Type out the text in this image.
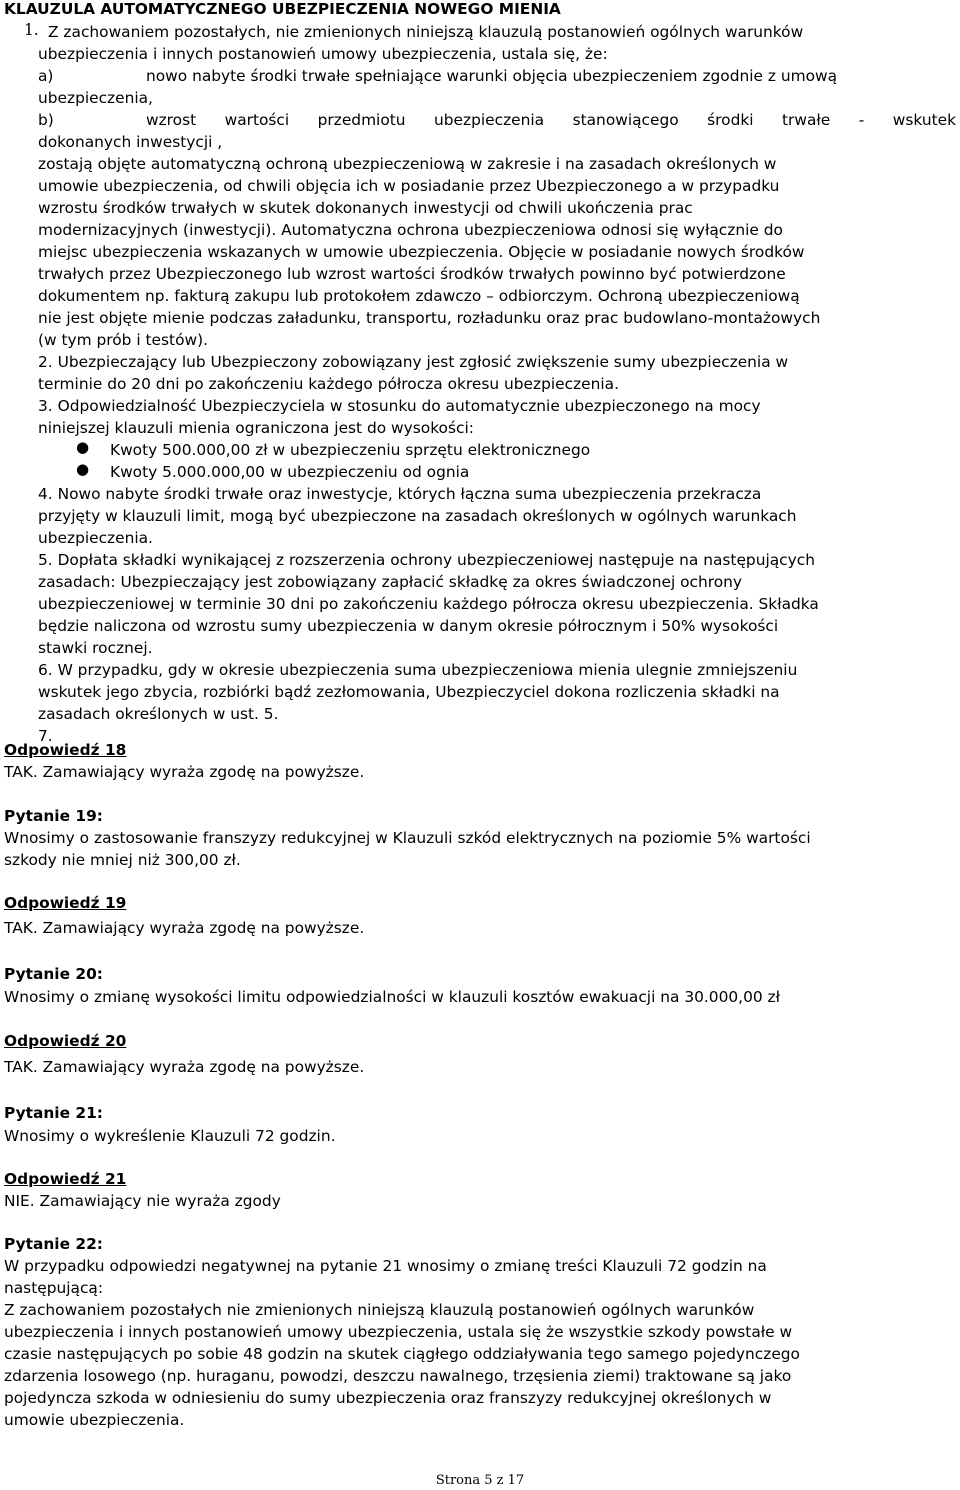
KLAUZULA AUTOMATYCZNEGO UBEZPIECZENIA NOWEGO MIENIA
1. Z zachowaniem pozostałych, nie zmienionych niniejszą klauzulą postanowień ogólnych warunków
ubezpieczenia i innych postanowień umowy ubezpieczenia, ustala się, że:
a)	nowo nabyte środki trwałe spełniające warunki objęcia ubezpieczeniem zgodnie z umową
ubezpieczenia,
b)	wzrost wartości przedmiotu ubezpieczenia stanowiącego środki trwałe - wskutek
dokonanych inwestycji ,
zostają objęte automatyczną ochroną ubezpieczeniową w zakresie i na zasadach określonych w
umowie ubezpieczenia, od chwili objęcia ich w posiadanie przez Ubezpieczonego a w przypadku
wzrostu środków trwałych w skutek dokonanych inwestycji od chwili ukończenia prac
modernizacyjnych (inwestycji). Automatyczna ochrona ubezpieczeniowa odnosi się wyłącznie do
miejsc ubezpieczenia wskazanych w umowie ubezpieczenia. Objęcie w posiadanie nowych środków
trwałych przez Ubezpieczonego lub wzrost wartości środków trwałych powinno być potwierdzone
dokumentem np. fakturą zakupu lub protokołem zdawczo – odbiorczym. Ochroną ubezpieczeniową
nie jest objęte mienie podczas załadunku, transportu, rozładunku oraz prac budowlano-montażowych
(w tym prób i testów).
2. Ubezpieczający lub Ubezpieczony zobowiązany jest zgłosić zwiększenie sumy ubezpieczenia w
terminie do 20 dni po zakończeniu każdego półrocza okresu ubezpieczenia.
3. Odpowiedzialność Ubezpieczyciela w stosunku do automatycznie ubezpieczonego na mocy
niniejszej klauzuli mienia ograniczona jest do wysokości:
● Kwoty 500.000,00 zł w ubezpieczeniu sprzętu elektronicznego
● Kwoty 5.000.000,00 w ubezpieczeniu od ognia
4. Nowo nabyte środki trwałe oraz inwestycje, których łączna suma ubezpieczenia przekracza
przyjęty w klauzuli limit, mogą być ubezpieczone na zasadach określonych w ogólnych warunkach
ubezpieczenia.
5. Dopłata składki wynikającej z rozszerzenia ochrony ubezpieczeniowej następuje na następujących
zasadach: Ubezpieczający jest zobowiązany zapłacić składkę za okres świadczonej ochrony
ubezpieczeniowej w terminie 30 dni po zakończeniu każdego półrocza okresu ubezpieczenia. Składka
będzie naliczona od wzrostu sumy ubezpieczenia w danym okresie półrocznym i 50% wysokości
stawki rocznej.
6. W przypadku, gdy w okresie ubezpieczenia suma ubezpieczeniowa mienia ulegnie zmniejszeniu
wskutek jego zbycia, rozbiórki bądź zezłomowania, Ubezpieczyciel dokona rozliczenia składki na
zasadach określonych w ust. 5.
7.
Odpowiedź 18
TAK. Zamawiający wyraża zgodę na powyższe.
Pytanie 19:
Wnosimy o zastosowanie franszyzy redukcyjnej w Klauzuli szkód elektrycznych na poziomie 5% wartości
szkody nie mniej niż 300,00 zł.
Odpowiedź 19
TAK. Zamawiający wyraża zgodę na powyższe.
Pytanie 20:
Wnosimy o zmianę wysokości limitu odpowiedzialności w klauzuli kosztów ewakuacji na 30.000,00 zł
Odpowiedź 20
TAK. Zamawiający wyraża zgodę na powyższe.
Pytanie 21:
Wnosimy o wykreślenie Klauzuli 72 godzin.
Odpowiedź 21
NIE. Zamawiający nie wyraża zgody
Pytanie 22:
W przypadku odpowiedzi negatywnej na pytanie 21 wnosimy o zmianę treści Klauzuli 72 godzin na
następującą:
Z zachowaniem pozostałych nie zmienionych niniejszą klauzulą postanowień ogólnych warunków
ubezpieczenia i innych postanowień umowy ubezpieczenia, ustala się że wszystkie szkody powstałe w
czasie następujących po sobie 48 godzin na skutek ciągłego oddziaływania tego samego pojedynczego
zdarzenia losowego (np. huraganu, powodzi, deszczu nawalnego, trzęsienia ziemi) traktowane są jako
pojedyncza szkoda w odniesieniu do sumy ubezpieczenia oraz franszyzy redukcyjnej określonych w
umowie ubezpieczenia.
Strona 5 z 17
